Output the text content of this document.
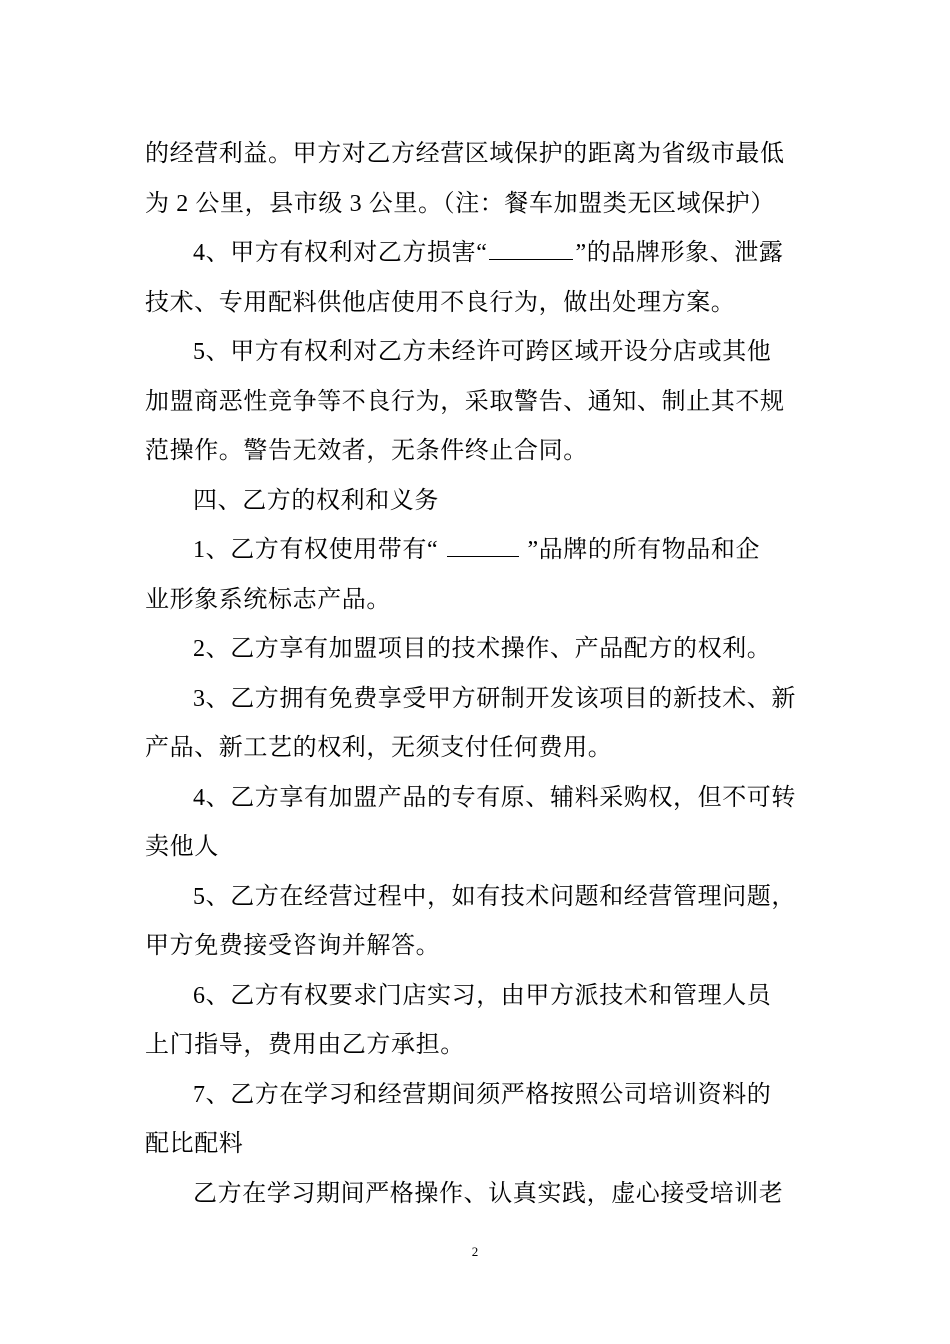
的经营利益。甲方对乙方经营区域保护的距离为省级市最低
为 2 公里，县市级 3 公里。（注：餐车加盟类无区域保护）
4、甲方有权利对乙方损害“	”的品牌形象、泄露
技术、专用配料供他店使用不良行为，做出处理方案。
5、甲方有权利对乙方未经许可跨区域开设分店或其他
加盟商恶性竞争等不良行为，采取警告、通知、制止其不规
范操作。警告无效者，无条件终止合同。
四、乙方的权利和义务
1、乙方有权使用带有“	”品牌的所有物品和企
业形象系统标志产品。
2、乙方享有加盟项目的技术操作、产品配方的权利。
3、乙方拥有免费享受甲方研制开发该项目的新技术、新
产品、新工艺的权利，无须支付任何费用。
4、乙方享有加盟产品的专有原、辅料采购权，但不可转
卖他人
5、乙方在经营过程中，如有技术问题和经营管理问题，
甲方免费接受咨询并解答。
6、乙方有权要求门店实习，由甲方派技术和管理人员
上门指导，费用由乙方承担。
7、乙方在学习和经营期间须严格按照公司培训资料的
配比配料
乙方在学习期间严格操作、认真实践，虚心接受培训老
2
